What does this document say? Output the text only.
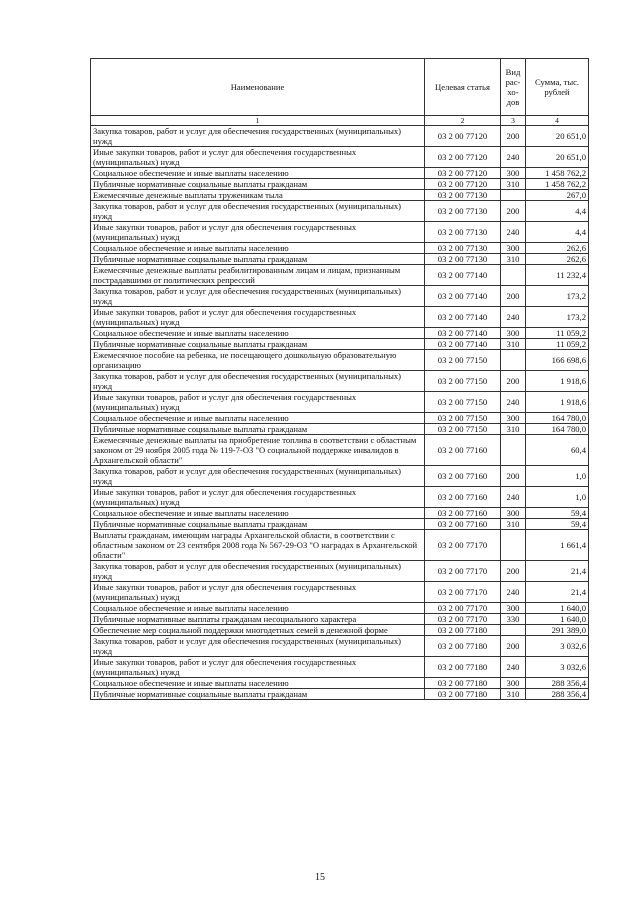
Наименование	Целевая статья	Вид рас- хо- дов	Сумма, тыс. рублей
1	2	3	4
Закупка товаров, работ и услуг для обеспечения государственных (муниципальных) нужд	03 2 00 77120	200	20 651,0
Иные закупки товаров, работ и услуг для обеспечения государственных (муниципальных) нужд	03 2 00 77120	240	20 651,0
Социальное обеспечение и иные выплаты населению	03 2 00 77120	300	1 458 762,2
Публичные нормативные социальные выплаты гражданам	03 2 00 77120	310	1 458 762,2
Ежемесячные денежные выплаты труженикам тыла	03 2 00 77130		267,0
Закупка товаров, работ и услуг для обеспечения государственных (муниципальных) нужд	03 2 00 77130	200	4,4
Иные закупки товаров, работ и услуг для обеспечения государственных (муниципальных) нужд	03 2 00 77130	240	4,4
Социальное обеспечение и иные выплаты населению	03 2 00 77130	300	262,6
Публичные нормативные социальные выплаты гражданам	03 2 00 77130	310	262,6
Ежемесячные денежные выплаты реабилитированным лицам и лицам, признанным пострадавшими от политических репрессий	03 2 00 77140		11 232,4
Закупка товаров, работ и услуг для обеспечения государственных (муниципальных) нужд	03 2 00 77140	200	173,2
Иные закупки товаров, работ и услуг для обеспечения государственных (муниципальных) нужд	03 2 00 77140	240	173,2
Социальное обеспечение и иные выплаты населению	03 2 00 77140	300	11 059,2
Публичные нормативные социальные выплаты гражданам	03 2 00 77140	310	11 059,2
Ежемесячное пособие на ребенка, не посещающего дошкольную образовательную организацию	03 2 00 77150		166 698,6
Закупка товаров, работ и услуг для обеспечения государственных (муниципальных) нужд	03 2 00 77150	200	1 918,6
Иные закупки товаров, работ и услуг для обеспечения государственных (муниципальных) нужд	03 2 00 77150	240	1 918,6
Социальное обеспечение и иные выплаты населению	03 2 00 77150	300	164 780,0
Публичные нормативные социальные выплаты гражданам	03 2 00 77150	310	164 780,0
Ежемесячные денежные выплаты на приобретение топлива в соответствии с областным законом от 29 ноября 2005 года № 119-7-ОЗ "О социальной поддержке инвалидов в Архангельской области"	03 2 00 77160		60,4
Закупка товаров, работ и услуг для обеспечения государственных (муниципальных) нужд	03 2 00 77160	200	1,0
Иные закупки товаров, работ и услуг для обеспечения государственных (муниципальных) нужд	03 2 00 77160	240	1,0
Социальное обеспечение и иные выплаты населению	03 2 00 77160	300	59,4
Публичные нормативные социальные выплаты гражданам	03 2 00 77160	310	59,4
Выплаты гражданам, имеющим награды Архангельской области, в соответствии с областным законом от 23 сентября 2008 года № 567-29-ОЗ "О наградах в Архангельской области"	03 2 00 77170		1 661,4
Закупка товаров, работ и услуг для обеспечения государственных (муниципальных) нужд	03 2 00 77170	200	21,4
Иные закупки товаров, работ и услуг для обеспечения государственных (муниципальных) нужд	03 2 00 77170	240	21,4
Социальное обеспечение и иные выплаты населению	03 2 00 77170	300	1 640,0
Публичные нормативные выплаты гражданам несоциального характера	03 2 00 77170	330	1 640,0
Обеспечение мер социальной поддержки многодетных семей в денежной форме	03 2 00 77180		291 389,0
Закупка товаров, работ и услуг для обеспечения государственных (муниципальных) нужд	03 2 00 77180	200	3 032,6
Иные закупки товаров, работ и услуг для обеспечения государственных (муниципальных) нужд	03 2 00 77180	240	3 032,6
Социальное обеспечение и иные выплаты населению	03 2 00 77180	300	288 356,4
Публичные нормативные социальные выплаты гражданам	03 2 00 77180	310	288 356,4
15
